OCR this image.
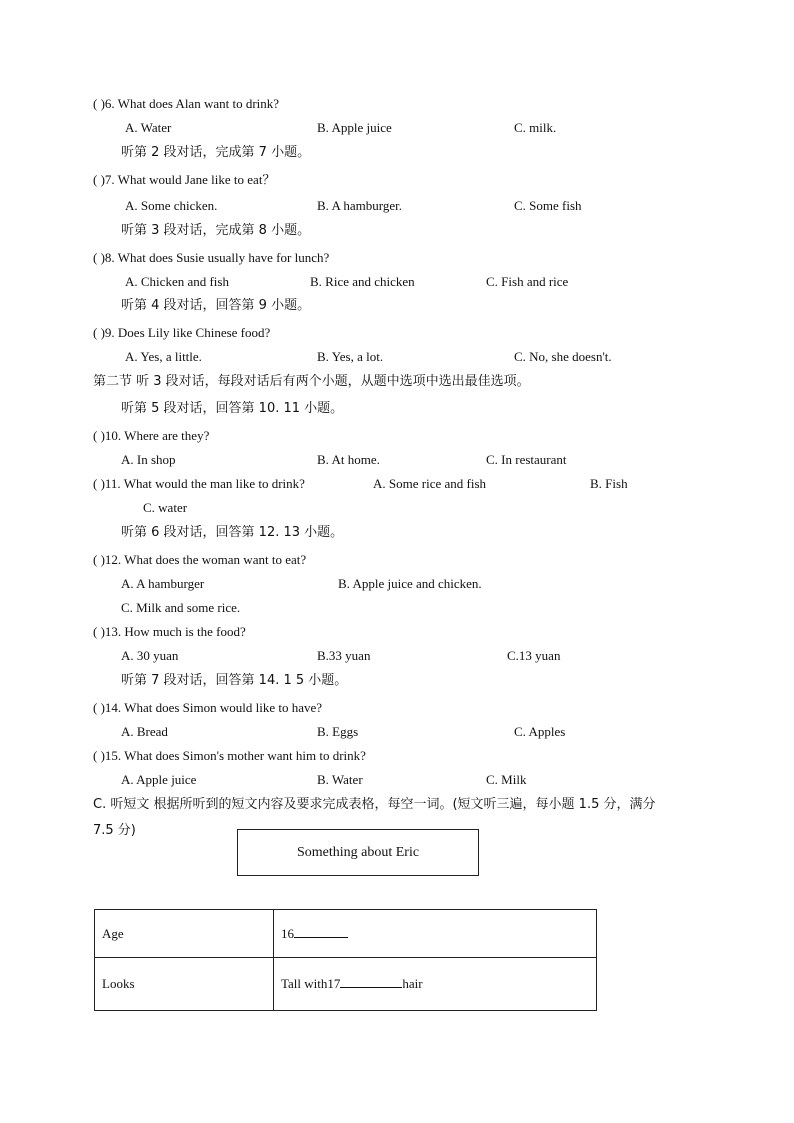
( )6. What does Alan want to drink?
A. Water	B. Apple juice	C. milk.
听第 2 段对话，完成第 7 小题。
( )7. What would Jane like to eat？
A. Some chicken.	B. A hamburger.	C. Some fish
听第 3 段对话，完成第 8 小题。
( )8. What does Susie usually have for lunch?
A. Chicken and fish	B. Rice and chicken	C. Fish and rice
听第 4 段对话，回答第 9 小题。
( )9. Does Lily like Chinese food?
A. Yes, a little.	B. Yes, a lot.	C. No, she doesn't.
第二节 听 3 段对话，每段对话后有两个小题，从题中选项中选出最佳选项。
听第 5 段对话，回答第 10. 11 小题。
( )10. Where are they?
A. In shop	B. At home.	C. In restaurant
( )11. What would the man like to drink?	A. Some rice and fish	B. Fish
C. water
听第 6 段对话，回答第 12. 13 小题。
( )12. What does the woman want to eat?
A. A hamburger	B. Apple juice and chicken.
C. Milk and some rice.
( )13. How much is the food?
A. 30 yuan	B.33 yuan	C.13 yuan
听第 7 段对话，回答第 14. 1 5 小题。
( )14. What does Simon would like to have?
A. Bread	B. Eggs	C. Apples
( )15. What does Simon's mother want him to drink?
A. Apple juice	B. Water	C. Milk
C. 听短文 根据所听到的短文内容及要求完成表格，每空一词。(短文听三遍，每小题 1.5 分，满分
7.5 分)
Something about Eric
Age	16
Looks	Tall with17 hair
